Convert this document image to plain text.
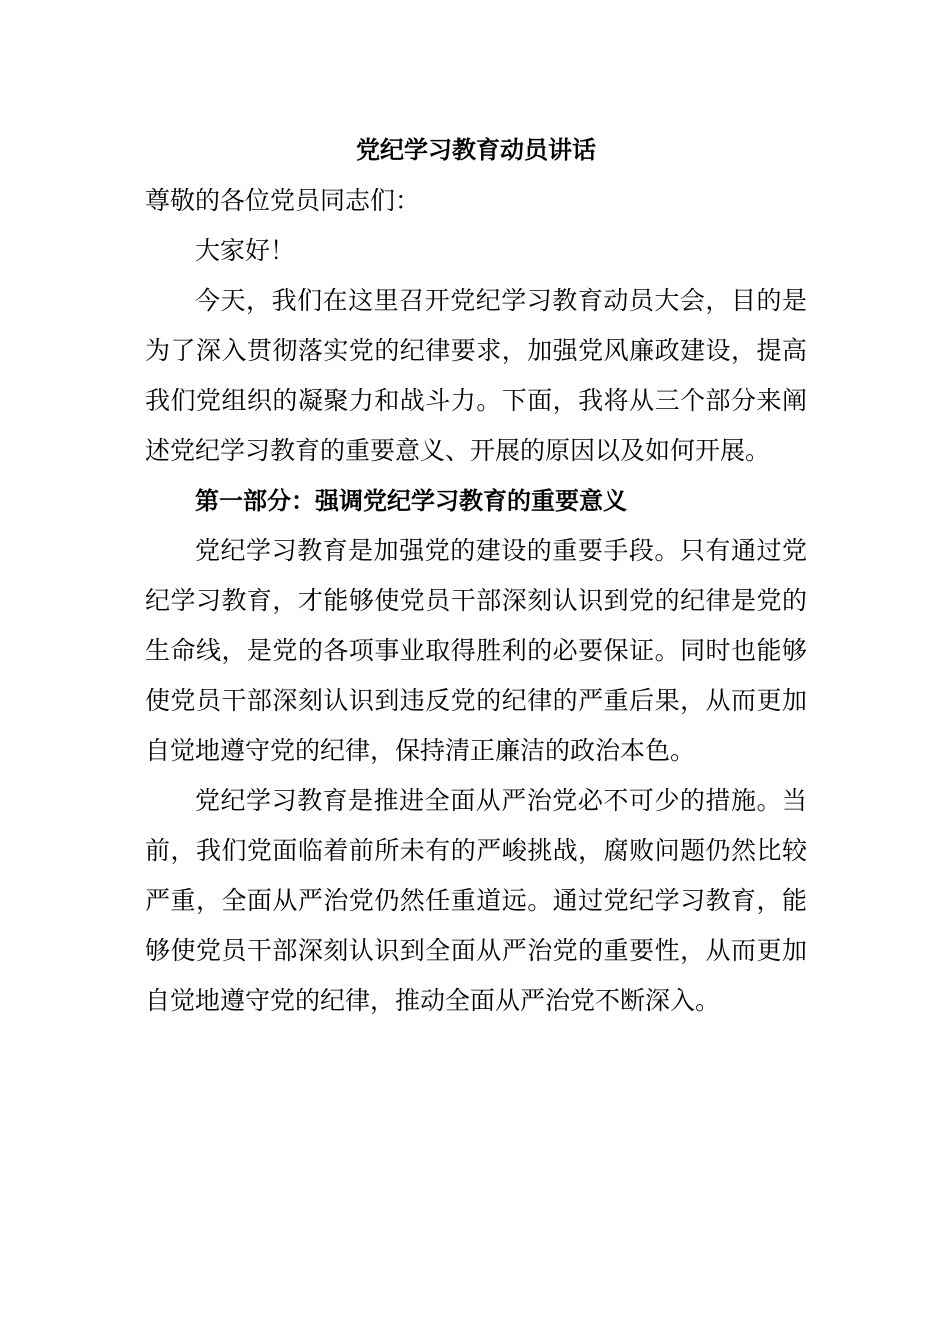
党纪学习教育动员讲话

尊敬的各位党员同志们：

大家好！

今天，我们在这里召开党纪学习教育动员大会，目的是为了深入贯彻落实党的纪律要求，加强党风廉政建设，提高我们党组织的凝聚力和战斗力。下面，我将从三个部分来阐述党纪学习教育的重要意义、开展的原因以及如何开展。

第一部分：强调党纪学习教育的重要意义

党纪学习教育是加强党的建设的重要手段。只有通过党纪学习教育，才能够使党员干部深刻认识到党的纪律是党的生命线，是党的各项事业取得胜利的必要保证。同时也能够使党员干部深刻认识到违反党的纪律的严重后果，从而更加自觉地遵守党的纪律，保持清正廉洁的政治本色。

党纪学习教育是推进全面从严治党必不可少的措施。当前，我们党面临着前所未有的严峻挑战，腐败问题仍然比较严重，全面从严治党仍然任重道远。通过党纪学习教育，能够使党员干部深刻认识到全面从严治党的重要性，从而更加自觉地遵守党的纪律，推动全面从严治党不断深入。
